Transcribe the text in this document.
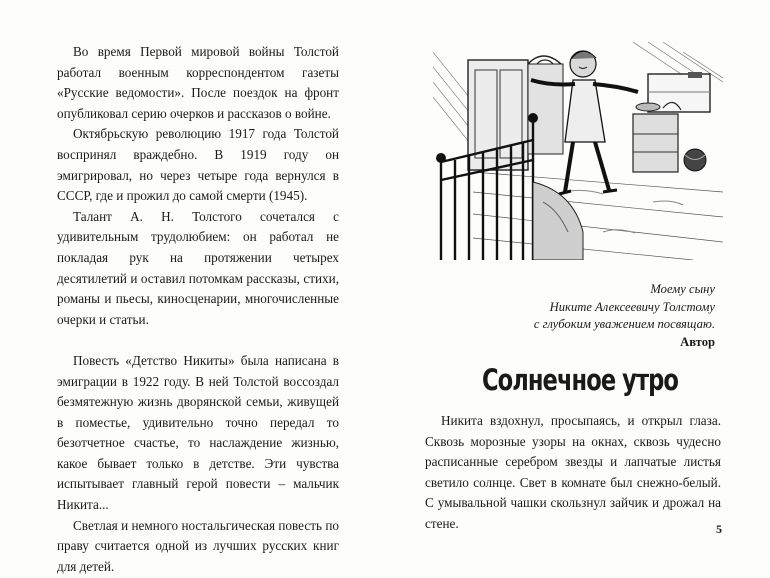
Во время Первой мировой войны Толстой работал военным корреспондентом газеты «Русские ведомости». После поездок на фронт опубликовал серию очерков и рассказов о войне.

Октябрьскую революцию 1917 года Толстой воспринял враждебно. В 1919 году он эмигрировал, но через четыре года вернулся в СССР, где и прожил до самой смерти (1945).

Талант А. Н. Толстого сочетался с удивительным трудолюбием: он работал не покладая рук на протяжении четырех десятилетий и оставил потомкам рассказы, стихи, романы и пьесы, киносценарии, многочисленные очерки и статьи.

Повесть «Детство Никиты» была написана в эмиграции в 1922 году. В ней Толстой воссоздал безмятежную жизнь дворянской семьи, живущей в поместье, удивительно точно передал то безотчетное счастье, то наслаждение жизнью, какое бывает только в детстве. Эти чувства испытывает главный герой повести – мальчик Никита...

Светлая и немного ностальгическая повесть по праву считается одной из лучших русских книг для детей.

Моему сыну
Никите Алексеевичу Толстому
с глубоким уважением посвящаю.
Автор
Солнечное утро

Никита вздохнул, просыпаясь, и открыл глаза. Сквозь морозные узоры на окнах, сквозь чудесно расписанные серебром звезды и лапчатые листья светило солнце. Свет в комнате был снежно-белый. С умывальной чашки скользнул зайчик и дрожал на стене.	5
